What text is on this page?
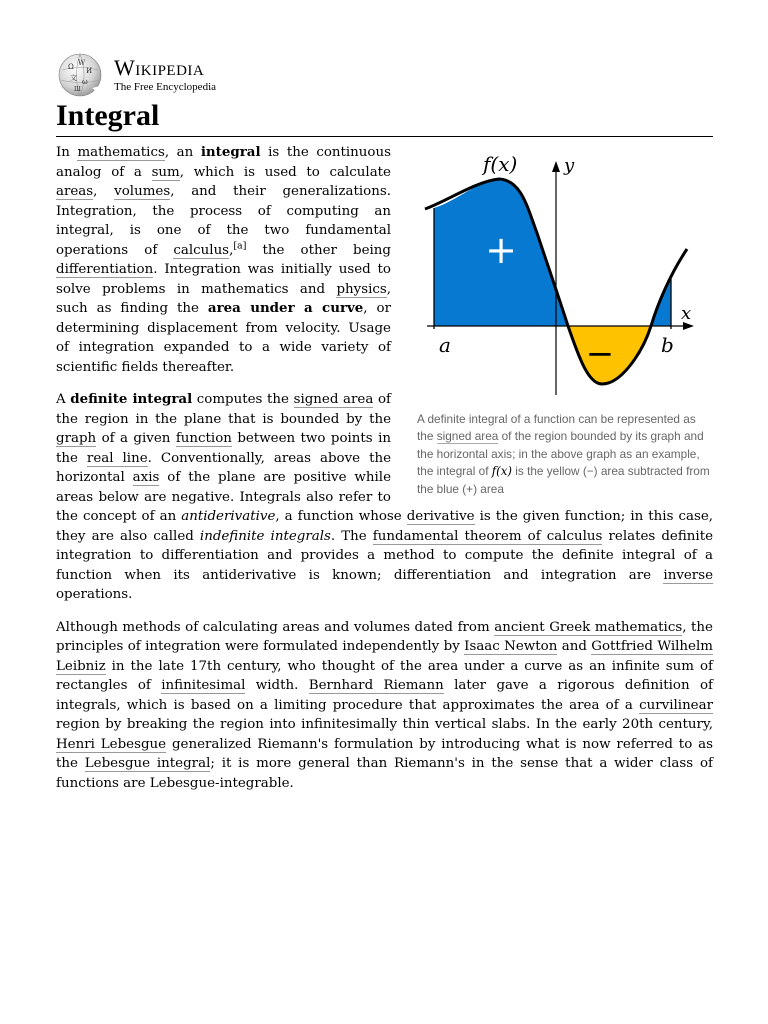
Ω W
И
文 ω
Ш
Wikipedia
The Free Encyclopedia
Integral
f(x)	y
x
a	b
+
−
A definite integral of a function can be represented as the signed area of the region bounded by its graph and the horizontal axis; in the above graph as an example, the integral of f(x) is the yellow (−) area subtracted from the blue (+) area

In mathematics, an integral is the continuous analog of a sum, which is used to calculate areas, volumes, and their generalizations. Integration, the process of computing an integral, is one of the two fundamental operations of calculus,[a] the other being differentiation. Integration was initially used to solve problems in mathematics and physics, such as finding the area under a curve, or determining displacement from velocity. Usage of integration expanded to a wide variety of scientific fields thereafter.

A definite integral computes the signed area of the region in the plane that is bounded by the graph of a given function between two points in the real line. Conventionally, areas above the horizontal axis of the plane are positive while areas below are negative. Integrals also refer to the concept of an antiderivative, a function whose derivative is the given function; in this case, they are also called indefinite integrals. The fundamental theorem of calculus relates definite integration to differentiation and provides a method to compute the definite integral of a function when its antiderivative is known; differentiation and integration are inverse operations.

Although methods of calculating areas and volumes dated from ancient Greek mathematics, the principles of integration were formulated independently by Isaac Newton and Gottfried Wilhelm Leibniz in the late 17th century, who thought of the area under a curve as an infinite sum of rectangles of infinitesimal width. Bernhard Riemann later gave a rigorous definition of integrals, which is based on a limiting procedure that approximates the area of a curvilinear region by breaking the region into infinitesimally thin vertical slabs. In the early 20th century, Henri Lebesgue generalized Riemann's formulation by introducing what is now referred to as the Lebesgue integral; it is more general than Riemann's in the sense that a wider class of functions are Lebesgue-integrable.
